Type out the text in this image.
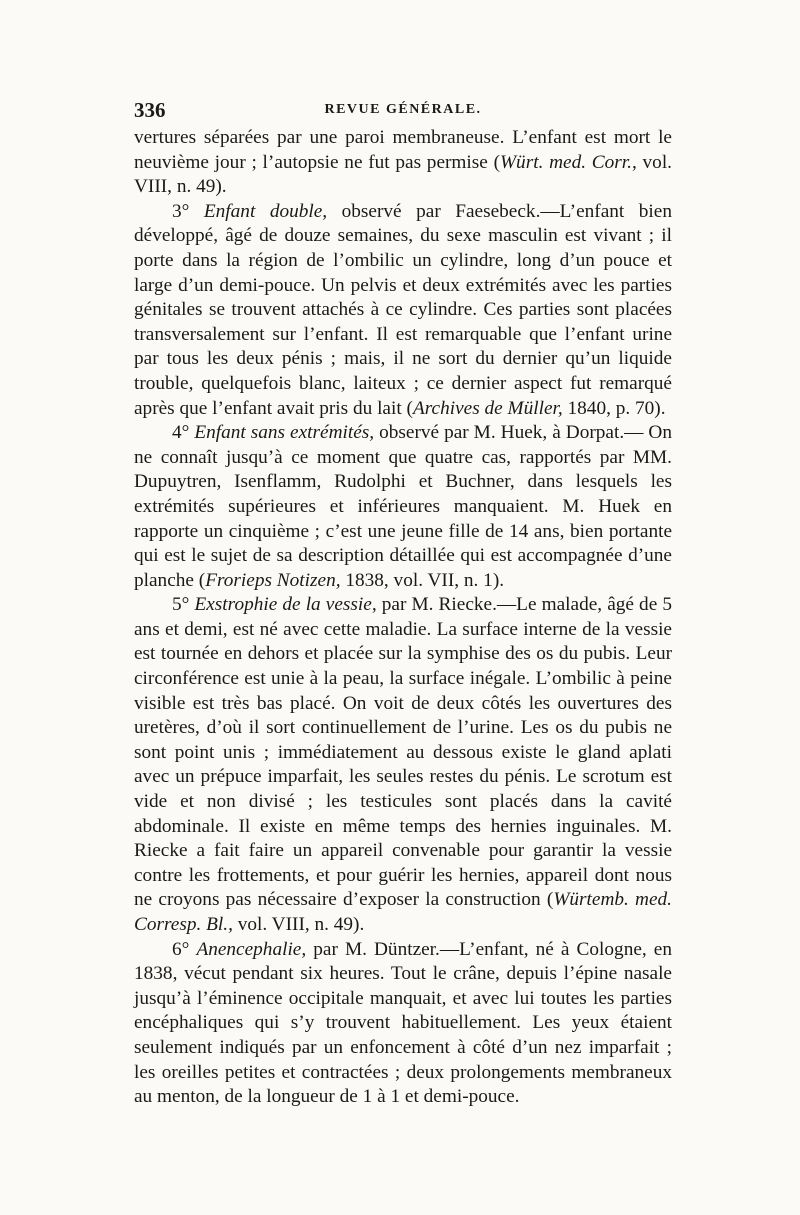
336	REVUE GÉNÉRALE.

vertures séparées par une paroi membraneuse. L’enfant est mort le neuvième jour ; l’autopsie ne fut pas permise (Würt. med. Corr., vol. VIII, n. 49).

3° Enfant double, observé par Faesebeck.—L’enfant bien développé, âgé de douze semaines, du sexe masculin est vivant ; il porte dans la région de l’ombilic un cylindre, long d’un pouce et large d’un demi-pouce. Un pelvis et deux extrémités avec les parties génitales se trouvent attachés à ce cylindre. Ces parties sont placées transversalement sur l’enfant. Il est remarquable que l’enfant urine par tous les deux pénis ; mais, il ne sort du dernier qu’un liquide trouble, quelquefois blanc, laiteux ; ce dernier aspect fut remarqué après que l’enfant avait pris du lait (Archives de Müller, 1840, p. 70).

4° Enfant sans extrémités, observé par M. Huek, à Dorpat.— On ne connaît jusqu’à ce moment que quatre cas, rapportés par MM. Dupuytren, Isenflamm, Rudolphi et Buchner, dans lesquels les extrémités supérieures et inférieures manquaient. M. Huek en rapporte un cinquième ; c’est une jeune fille de 14 ans, bien portante qui est le sujet de sa description détaillée qui est accompagnée d’une planche (Frorieps Notizen, 1838, vol. VII, n. 1).

5° Exstrophie de la vessie, par M. Riecke.—Le malade, âgé de 5 ans et demi, est né avec cette maladie. La surface interne de la vessie est tournée en dehors et placée sur la symphise des os du pubis. Leur circonférence est unie à la peau, la surface inégale. L’ombilic à peine visible est très bas placé. On voit de deux côtés les ouvertures des uretères, d’où il sort continuellement de l’urine. Les os du pubis ne sont point unis ; immédiatement au dessous existe le gland aplati avec un prépuce imparfait, les seules restes du pénis. Le scrotum est vide et non divisé ; les testicules sont placés dans la cavité abdominale. Il existe en même temps des hernies inguinales. M. Riecke a fait faire un appareil convenable pour garantir la vessie contre les frottements, et pour guérir les hernies, appareil dont nous ne croyons pas nécessaire d’exposer la construction (Würtemb. med. Corresp. Bl., vol. VIII, n. 49).

6° Anencephalie, par M. Düntzer.—L’enfant, né à Cologne, en 1838, vécut pendant six heures. Tout le crâne, depuis l’épine nasale jusqu’à l’éminence occipitale manquait, et avec lui toutes les parties encéphaliques qui s’y trouvent habituellement. Les yeux étaient seulement indiqués par un enfoncement à côté d’un nez imparfait ; les oreilles petites et contractées ; deux prolongements membraneux au menton, de la longueur de 1 à 1 et demi-pouce.
